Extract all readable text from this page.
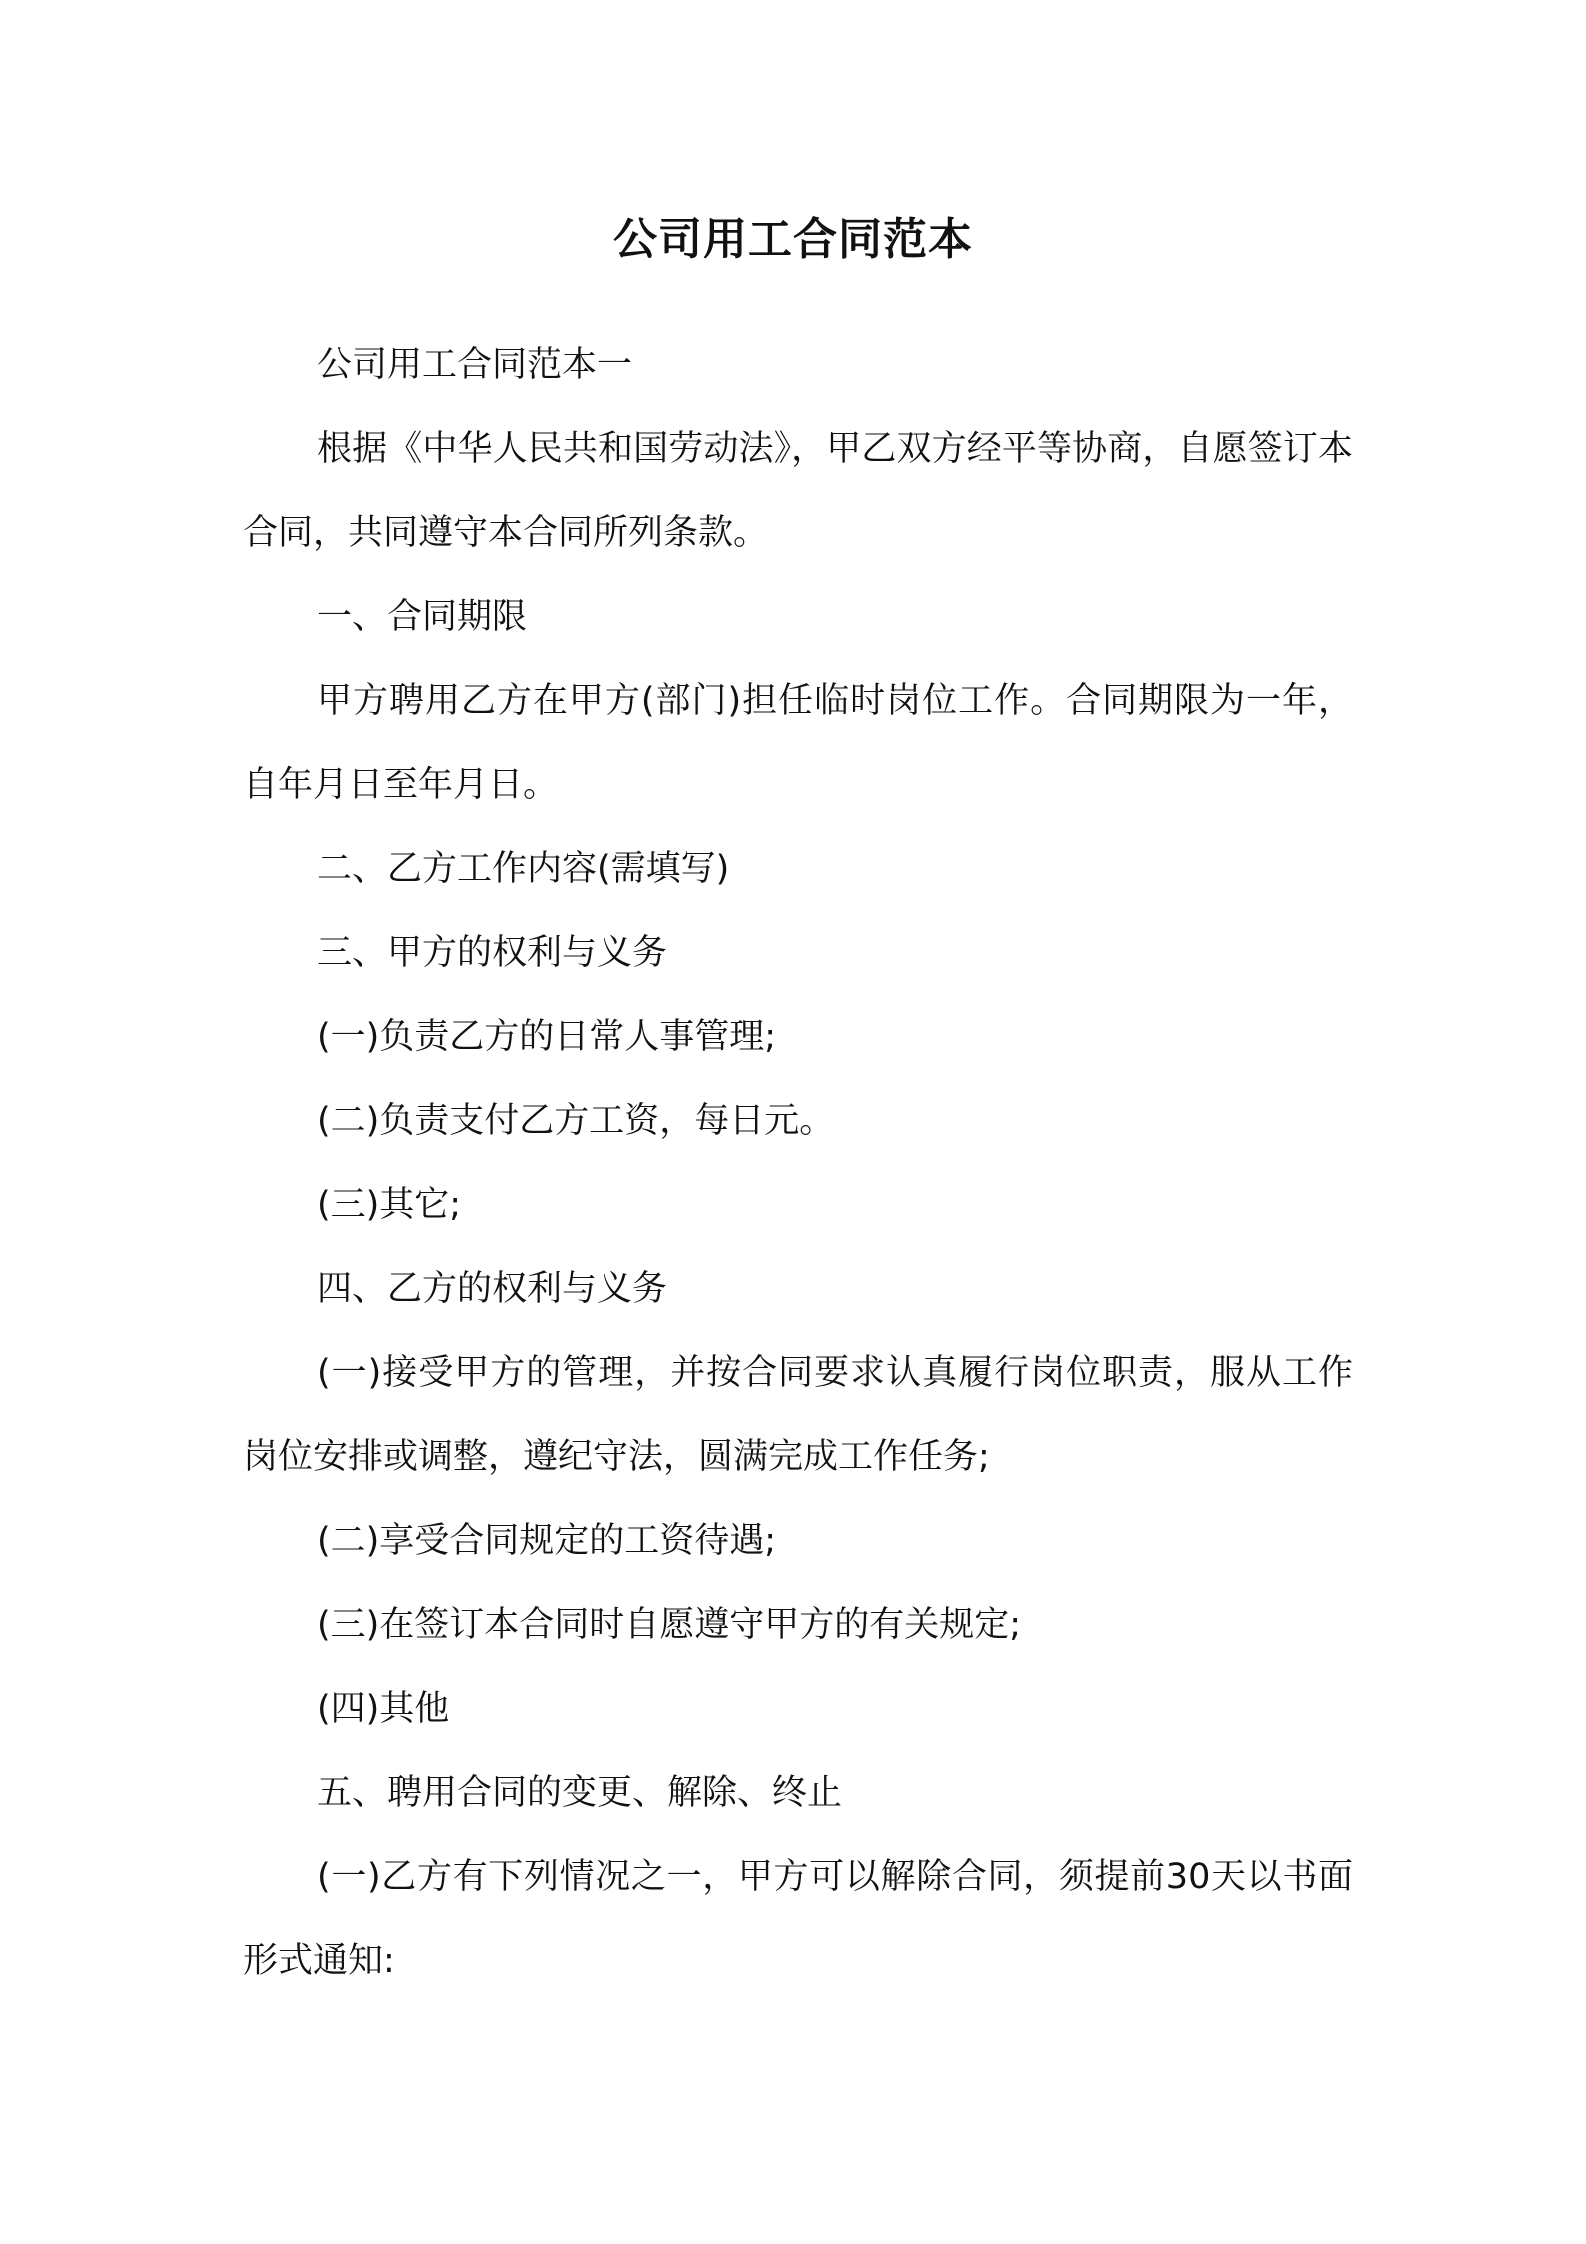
公司用工合同范本

公司用工合同范本一

根据《中华人民共和国劳动法》，甲乙双方经平等协商，自愿签订本合同，共同遵守本合同所列条款。

一、合同期限

甲方聘用乙方在甲方(部门)担任临时岗位工作。合同期限为一年，自年月日至年月日。

二、乙方工作内容(需填写)

三、甲方的权利与义务

(一)负责乙方的日常人事管理;

(二)负责支付乙方工资，每日元。

(三)其它;

四、乙方的权利与义务

(一)接受甲方的管理，并按合同要求认真履行岗位职责，服从工作岗位安排或调整，遵纪守法，圆满完成工作任务;

(二)享受合同规定的工资待遇;

(三)在签订本合同时自愿遵守甲方的有关规定;

(四)其他

五、聘用合同的变更、解除、终止

(一)乙方有下列情况之一，甲方可以解除合同，须提前30天以书面形式通知:
